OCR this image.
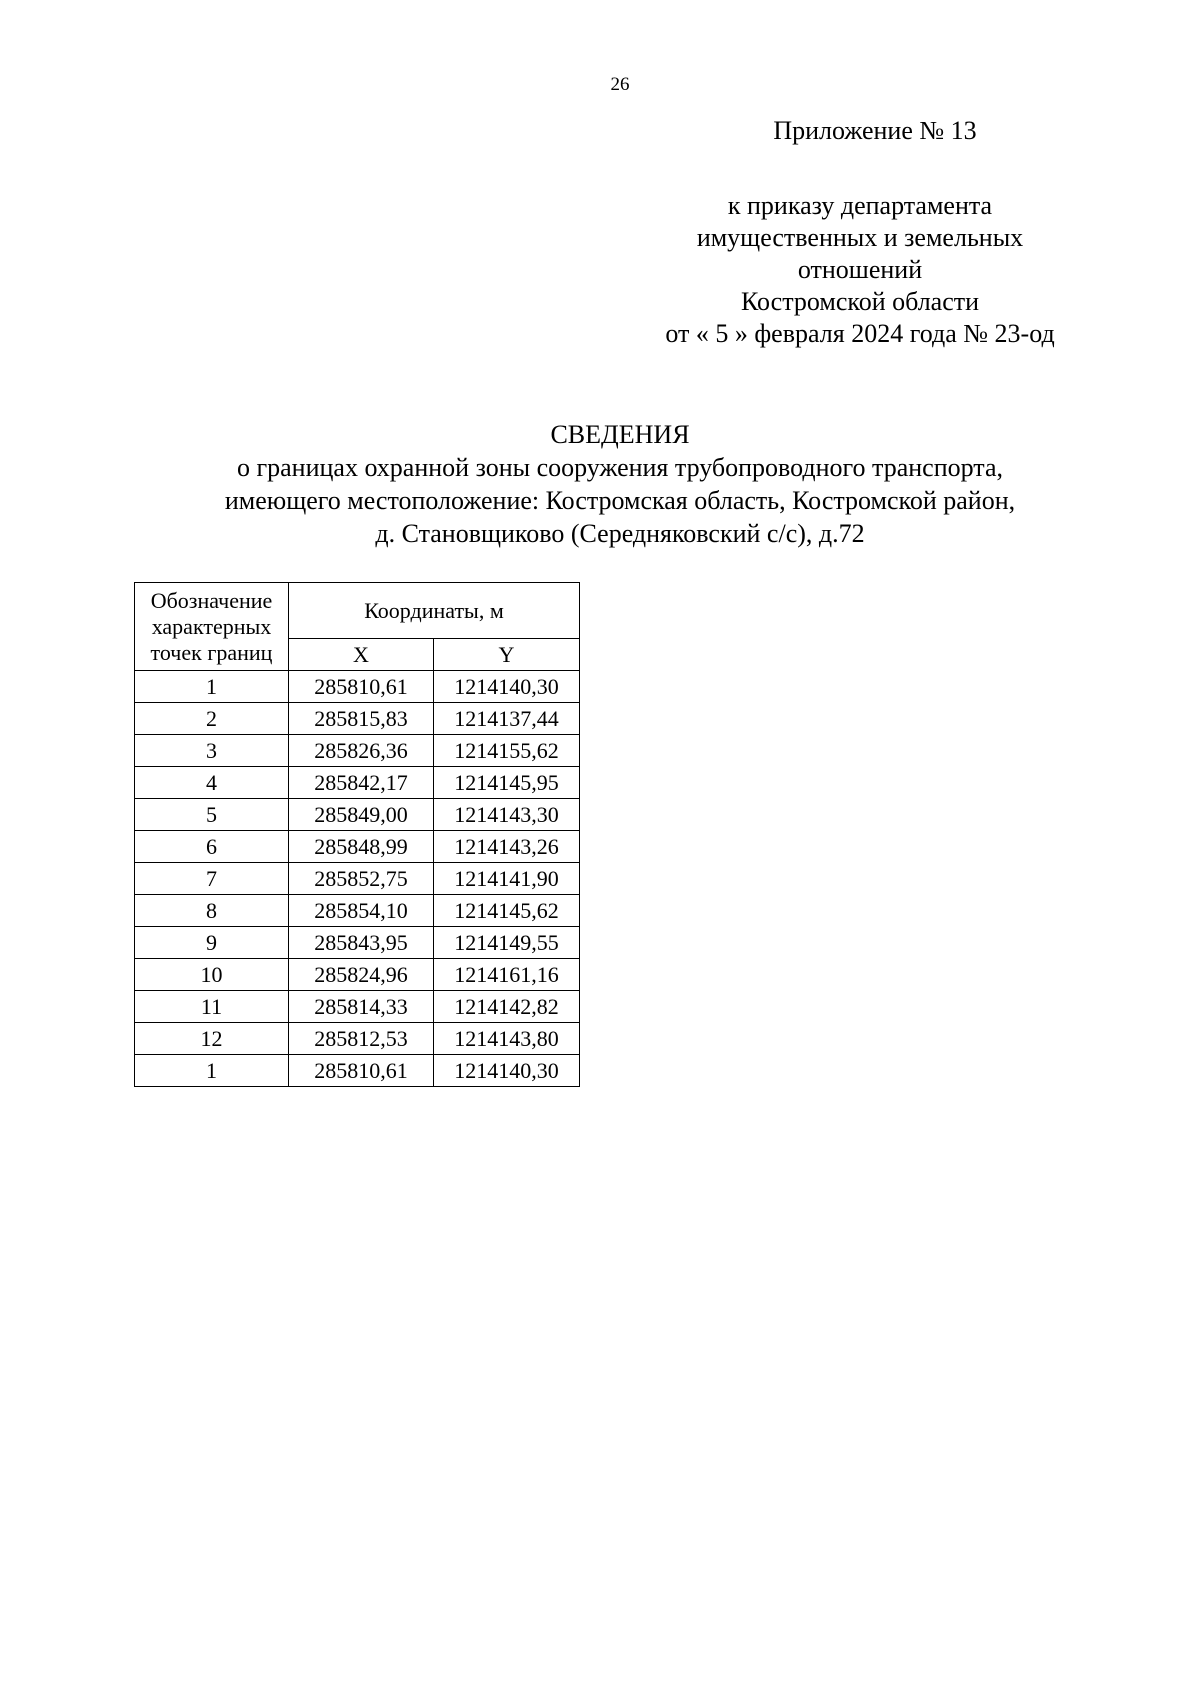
26
Приложение № 13
к приказу департамента
имущественных и земельных
отношений
Костромской области
от « 5 » февраля 2024 года № 23-од
СВЕДЕНИЯ
о границах охранной зоны сооружения трубопроводного транспорта,
имеющего местоположение: Костромская область, Костромской район,
д. Становщиково (Середняковский с/с), д.72
Обозначение
характерных
точек границ	Координаты, м	
	X	Y
1	285810,61	1214140,30
2	285815,83	1214137,44
3	285826,36	1214155,62
4	285842,17	1214145,95
5	285849,00	1214143,30
6	285848,99	1214143,26
7	285852,75	1214141,90
8	285854,10	1214145,62
9	285843,95	1214149,55
10	285824,96	1214161,16
11	285814,33	1214142,82
12	285812,53	1214143,80
1	285810,61	1214140,30
